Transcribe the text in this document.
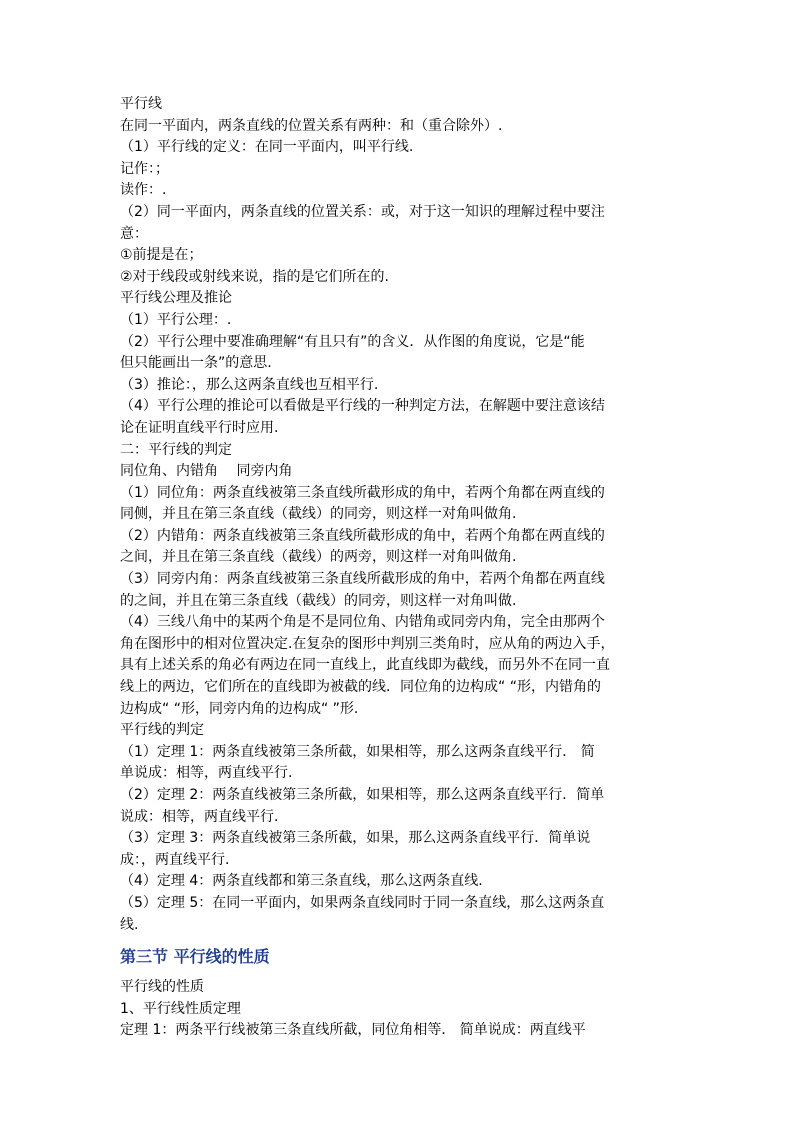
平行线
在同一平面内，两条直线的位置关系有两种：和（重合除外）.
（1）平行线的定义：在同一平面内，叫平行线.
记作：；
读作：.
（2）同一平面内，两条直线的位置关系：或，对于这一知识的理解过程中要注
意：
①前提是在；
②对于线段或射线来说，指的是它们所在的.
平行线公理及推论
（1）平行公理：.
（2）平行公理中要准确理解“有且只有”的含义．从作图的角度说，它是“能
但只能画出一条”的意思.
（3）推论：，那么这两条直线也互相平行.
（4）平行公理的推论可以看做是平行线的一种判定方法，在解题中要注意该结
论在证明直线平行时应用.
二：平行线的判定
同位角、内错角　 同旁内角
（1）同位角：两条直线被第三条直线所截形成的角中，若两个角都在两直线的
同侧，并且在第三条直线（截线）的同旁，则这样一对角叫做角.
（2）内错角：两条直线被第三条直线所截形成的角中，若两个角都在两直线的
之间，并且在第三条直线（截线）的两旁，则这样一对角叫做角.
（3）同旁内角：两条直线被第三条直线所截形成的角中，若两个角都在两直线
的之间，并且在第三条直线（截线）的同旁，则这样一对角叫做.
（4）三线八角中的某两个角是不是同位角、内错角或同旁内角，完全由那两个
角在图形中的相对位置决定.在复杂的图形中判别三类角时，应从角的两边入手，
具有上述关系的角必有两边在同一直线上，此直线即为截线，而另外不在同一直
线上的两边，它们所在的直线即为被截的线．同位角的边构成“ “形，内错角的
边构成“ “形，同旁内角的边构成“ ”形.
平行线的判定
（1）定理 1：两条直线被第三条所截，如果相等，那么这两条直线平行． 简
单说成：相等，两直线平行.
（2）定理 2：两条直线被第三条所截，如果相等，那么这两条直线平行．简单
说成：相等，两直线平行.
（3）定理 3：两条直线被第三条所截，如果，那么这两条直线平行．简单说
成：，两直线平行.
（4）定理 4：两条直线都和第三条直线，那么这两条直线.
（5）定理 5：在同一平面内，如果两条直线同时于同一条直线，那么这两条直
线.
第三节 平行线的性质
平行线的性质
1、平行线性质定理
定理 1：两条平行线被第三条直线所截，同位角相等． 简单说成：两直线平
